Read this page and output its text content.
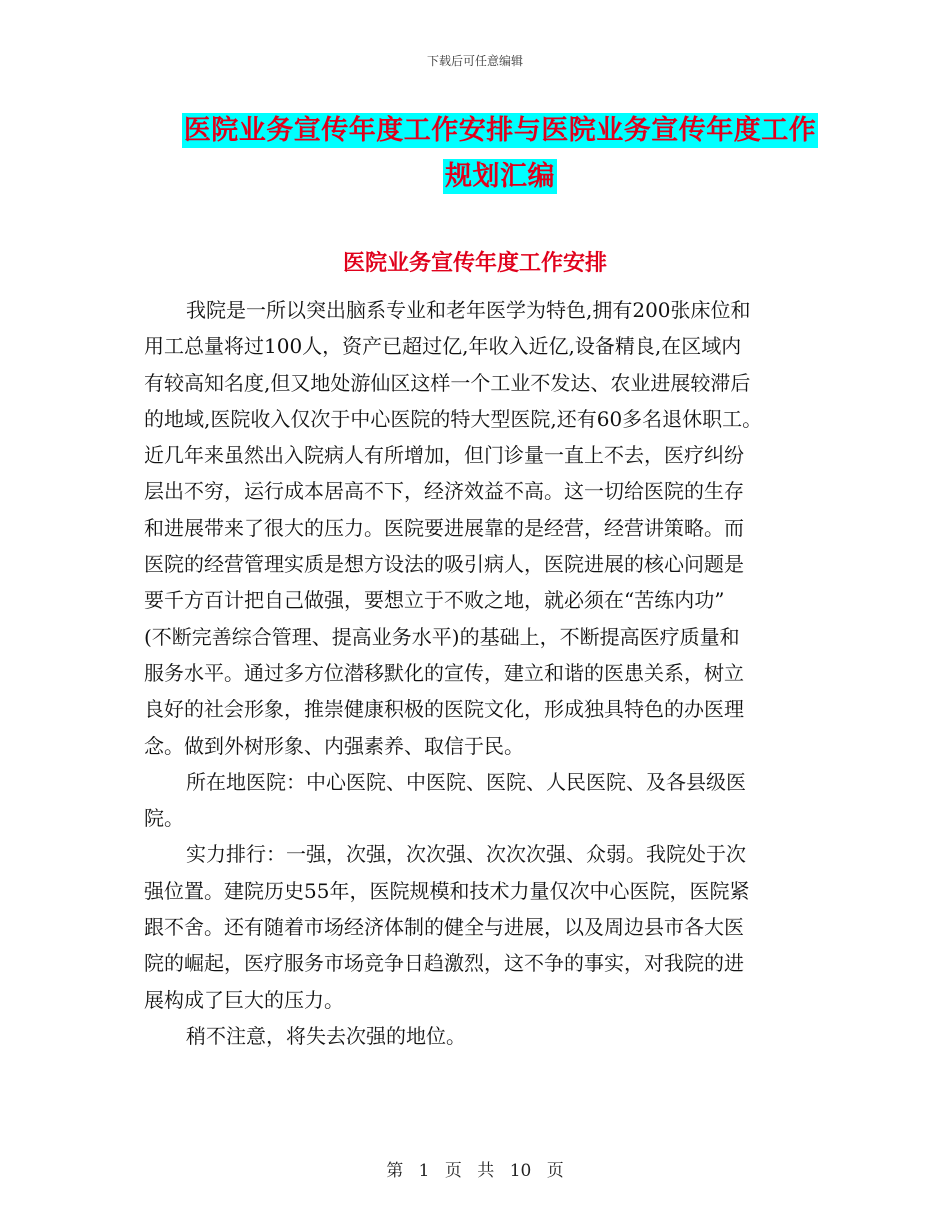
下载后可任意编辑
医院业务宣传年度工作安排与医院业务宣传年度工作
规划汇编
医院业务宣传年度工作安排

我院是一所以突出脑系专业和老年医学为特色,拥有200张床位和
用工总量将过100人，资产已超过亿,年收入近亿,设备精良,在区域内
有较高知名度,但又地处游仙区这样一个工业不发达、农业进展较滞后
的地域,医院收入仅次于中心医院的特大型医院,还有60多名退休职工。
近几年来虽然出入院病人有所增加，但门诊量一直上不去，医疗纠纷
层出不穷，运行成本居高不下，经济效益不高。这一切给医院的生存
和进展带来了很大的压力。医院要进展靠的是经营，经营讲策略。而
医院的经营管理实质是想方设法的吸引病人，医院进展的核心问题是
要千方百计把自己做强，要想立于不败之地，就必须在“苦练内功”
(不断完善综合管理、提高业务水平)的基础上，不断提高医疗质量和
服务水平。通过多方位潜移默化的宣传，建立和谐的医患关系，树立
良好的社会形象，推崇健康积极的医院文化，形成独具特色的办医理
念。做到外树形象、内强素养、取信于民。

所在地医院：中心医院、中医院、医院、人民医院、及各县级医
院。

实力排行：一强，次强，次次强、次次次强、众弱。我院处于次
强位置。建院历史55年，医院规模和技术力量仅次中心医院，医院紧
跟不舍。还有随着市场经济体制的健全与进展，以及周边县市各大医
院的崛起，医疗服务市场竞争日趋激烈，这不争的事实，对我院的进
展构成了巨大的压力。

稍不注意，将失去次强的地位。

第 1 页 共 10 页
